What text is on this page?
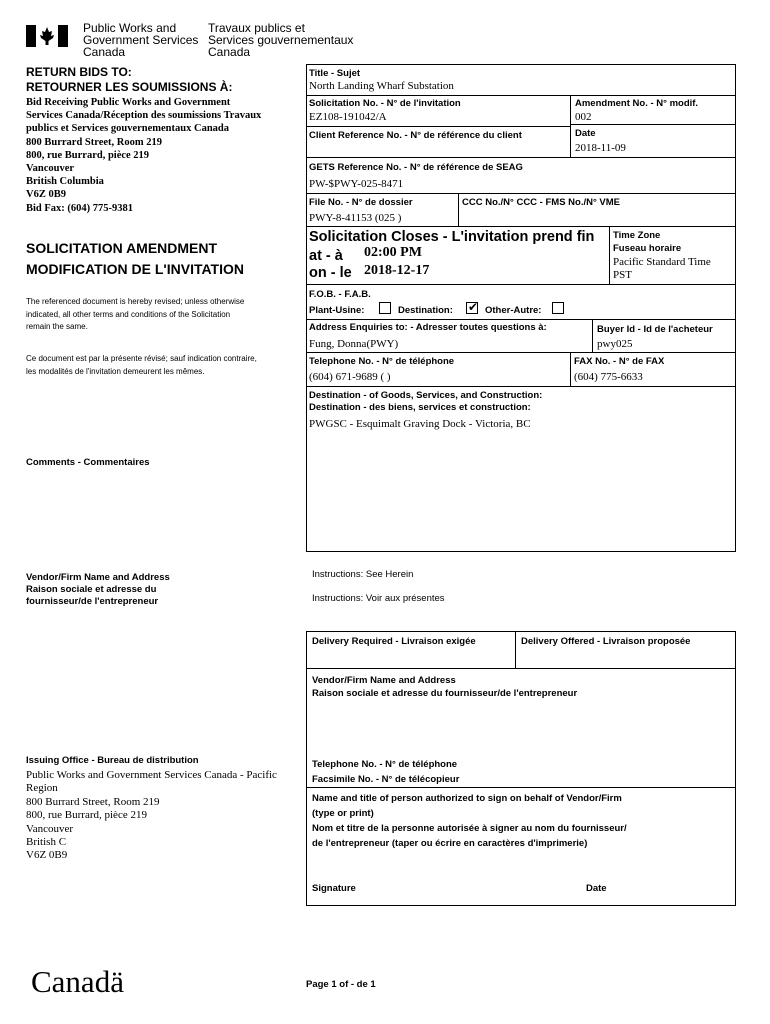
Public Works and
Government Services
Canada
Travaux publics et
Services gouvernementaux
Canada
RETURN BIDS TO:
RETOURNER LES SOUMISSIONS À:
Bid Receiving Public Works and Government
Services Canada/Réception des soumissions Travaux
publics et Services gouvernementaux Canada
800 Burrard Street, Room 219
800, rue Burrard, pièce 219
Vancouver
British Columbia
V6Z 0B9
Bid Fax: (604) 775-9381
SOLICITATION AMENDMENT
MODIFICATION DE L'INVITATION
The referenced document is hereby revised; unless otherwise
indicated, all other terms and conditions of the Solicitation
remain the same.
Ce document est par la présente révisé; sauf indication contraire,
les modalités de l'invitation demeurent les mêmes.
Comments - Commentaires
Vendor/Firm Name and Address
Raison sociale et adresse du
fournisseur/de l'entrepreneur
Issuing Office - Bureau de distribution
Public Works and Government Services Canada - Pacific
Region
800 Burrard Street, Room 219
800, rue Burrard, pièce 219
Vancouver
British C
V6Z 0B9
Title - Sujet
North Landing Wharf Substation
Solicitation No. - N° de l'invitation
EZ108-191042/A
Amendment No. - N° modif.
002
Client Reference No. - N° de référence du client	Date
2018-11-09
GETS Reference No. - N° de référence de SEAG
PW-$PWY-025-8471
File No. - N° de dossier
PWY-8-41153 (025 )
CCC No./N° CCC - FMS No./N° VME
Solicitation Closes - L'invitation prend fin
at - à 02:00 PM
on - le 2018-12-17
Time Zone
Fuseau horaire
Pacific Standard Time
PST
F.O.B. - F.A.B.
Plant-Usine:	Destination: ✔ Other-Autre:
Address Enquiries to: - Adresser toutes questions à:
Fung, Donna(PWY)
Buyer Id - Id de l'acheteur
pwy025
Telephone No. - N° de téléphone
(604) 671-9689 ( )
FAX No. - N° de FAX
(604) 775-6633
Destination - of Goods, Services, and Construction:
Destination - des biens, services et construction:
PWGSC - Esquimalt Graving Dock - Victoria, BC
Instructions: See Herein
Instructions: Voir aux présentes
Delivery Required - Livraison exigée	Delivery Offered - Livraison proposée
Vendor/Firm Name and Address
Raison sociale et adresse du fournisseur/de l'entrepreneur
Telephone No. - N° de téléphone
Facsimile No. - N° de télécopieur
Name and title of person authorized to sign on behalf of Vendor/Firm
(type or print)
Nom et titre de la personne autorisée à signer au nom du fournisseur/
de l'entrepreneur (taper ou écrire en caractères d'imprimerie)
Signature	Date
Canadä	Page 1 of - de 1
